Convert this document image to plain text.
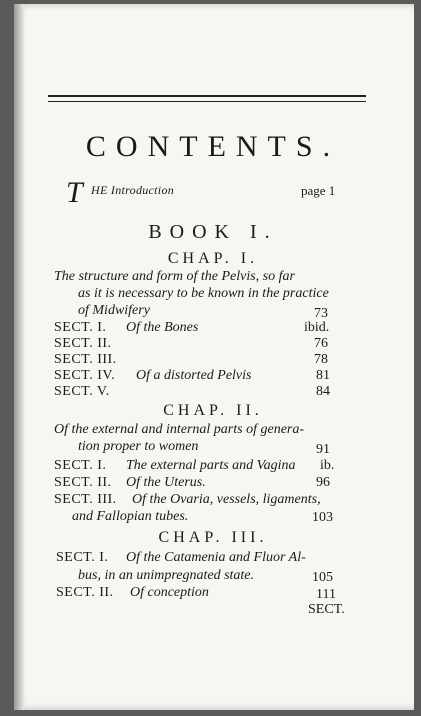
CONTENTS.
T HE Introduction	page 1
BOOK I.
CHAP. I.
The structure and form of the Pelvis, so far
as it is necessary to be known in the practice
of Midwifery	73
SECT. I. Of the Bones	ibid.
SECT. II.	76
SECT. III.	78
SECT. IV. Of a distorted Pelvis	81
SECT. V.	84
CHAP. II.
Of the external and internal parts of genera-
tion proper to women	91
SECT. I. The external parts and Vagina ib.
SECT. II. Of the Uterus.	96
SECT. III. Of the Ovaria, vessels, ligaments,
and Fallopian tubes.	103
CHAP. III.
SECT. I. Of the Catamenia and Fluor Al-
bus, in an unimpregnated state.	105
SECT. II. Of conception	111
SECT.
